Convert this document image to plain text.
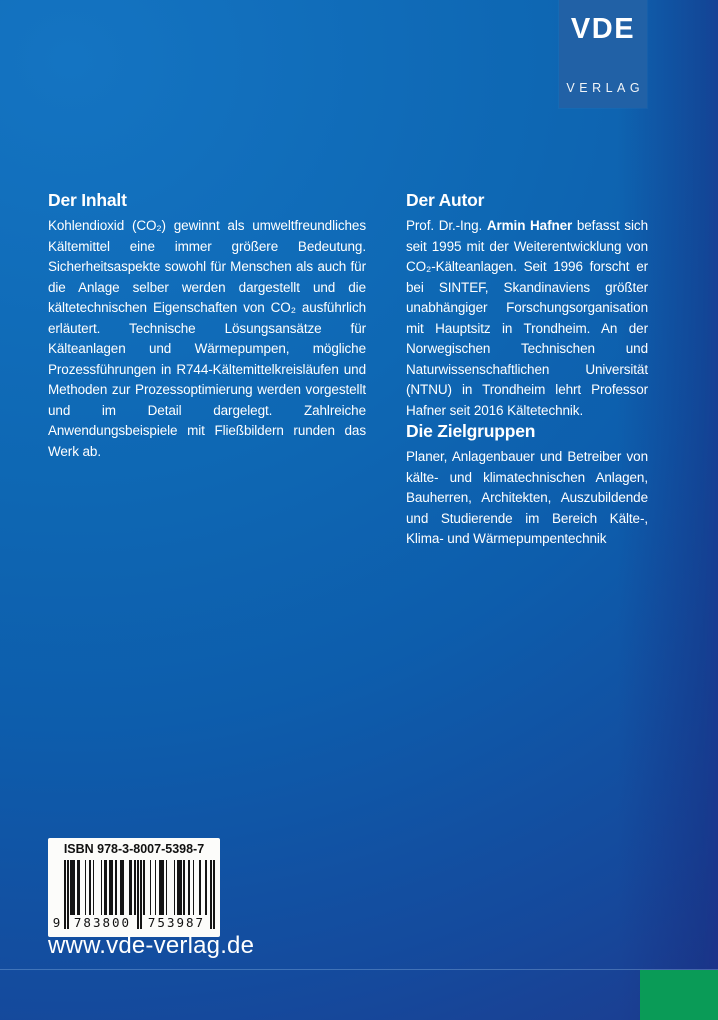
VDE
VERLAG
Der Inhalt

Kohlendioxid (CO₂) gewinnt als umweltfreundliches Kältemittel eine immer größere Bedeutung. Sicherheitsaspekte sowohl für Menschen als auch für die Anlage selber werden dargestellt und die kältetechnischen Eigenschaften von CO₂ ausführlich erläutert. Technische Lösungsansätze für Kälteanlagen und Wärmepumpen, mögliche Prozessführungen in R744-Kältemittelkreisläufen und Methoden zur Prozessoptimierung werden vorgestellt und im Detail dargelegt. Zahlreiche Anwendungsbeispiele mit Fließbildern runden das Werk ab.

Der Autor

Prof. Dr.-Ing. Armin Hafner befasst sich seit 1995 mit der Weiterentwicklung von CO₂-Kälteanlagen. Seit 1996 forscht er bei SINTEF, Skandinaviens größter unabhängiger Forschungsorganisation mit Hauptsitz in Trondheim. An der Norwegischen Technischen und Naturwissenschaftlichen Universität (NTNU) in Trondheim lehrt Professor Hafner seit 2016 Kältetechnik.

Die Zielgruppen

Planer, Anlagenbauer und Betreiber von kälte- und klimatechnischen Anlagen, Bauherren, Architekten, Auszubildende und Studierende im Bereich Kälte-, Klima- und Wärmepumpentechnik

ISBN 978-3-8007-5398-7
9	783800	753987
www.vde-verlag.de
